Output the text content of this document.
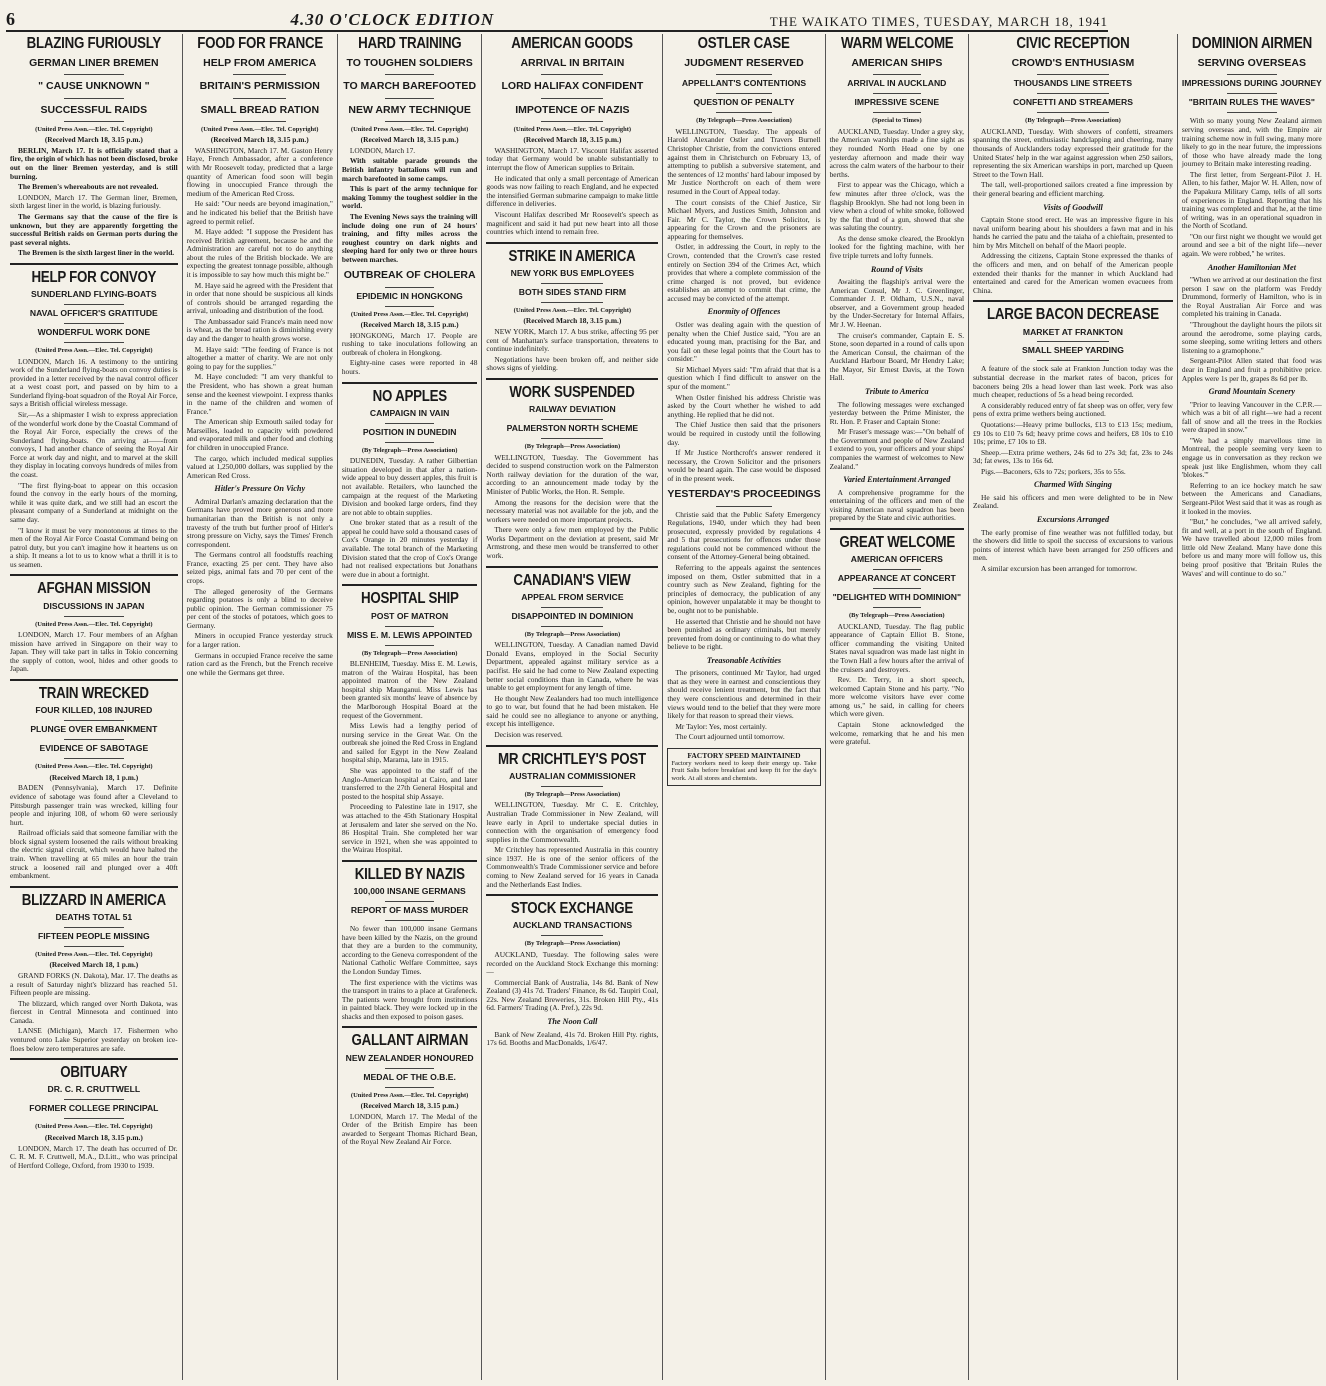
6	4.30 O'CLOCK EDITION	THE WAIKATO TIMES, TUESDAY, MARCH 18, 1941
BLAZING FURIOUSLY
GERMAN LINER BREMEN
" CAUSE UNKNOWN "
SUCCESSFUL RAIDS
(United Press Assn.—Elec. Tel. Copyright)
(Received March 18, 3.15 p.m.)
BERLIN, March 17. It is officially stated that a fire, the origin of which has not been disclosed, broke out on the liner Bremen yesterday, and is still burning.
The Bremen's whereabouts are not revealed.
LONDON, March 17. The German liner, Bremen, sixth largest liner in the world, is blazing furiously.
The Germans say that the cause of the fire is unknown, but they are apparently forgetting the successful British raids on German ports during the past several nights.
The Bremen is the sixth largest liner in the world.
HELP FOR CONVOY
SUNDERLAND FLYING-BOATS
NAVAL OFFICER'S GRATITUDE
WONDERFUL WORK DONE
(United Press Assn.—Elec. Tel. Copyright)
LONDON, March 16. A testimony to the untiring work of the Sunderland flying-boats on convoy duties is provided in a letter received by the naval control officer at a west coast port, and passed on by him to a Sunderland flying-boat squadron of the Royal Air Force, says a British official wireless message.
Sir,—As a shipmaster I wish to express appreciation of the wonderful work done by the Coastal Command of the Royal Air Force, especially the crews of the Sunderland flying-boats. On arriving at——from convoys, I had another chance of seeing the Royal Air Force at work day and night, and to marvel at the skill they display in locating convoys hundreds of miles from the coast.
"The first flying-boat to appear on this occasion found the convoy in the early hours of the morning, while it was quite dark, and we still had an escort the pleasant company of a Sunderland at midnight on the same day.
"I know it must be very monotonous at times to the men of the Royal Air Force Coastal Command being on patrol duty, but you can't imagine how it heartens us on a ship. It means a lot to us to know what a thrill it is to us seamen.
AFGHAN MISSION
DISCUSSIONS IN JAPAN
(United Press Assn.—Elec. Tel. Copyright)
LONDON, March 17. Four members of an Afghan mission have arrived in Singapore on their way to Japan. They will take part in talks in Tokio concerning the supply of cotton, wool, hides and other goods to Japan.
TRAIN WRECKED
FOUR KILLED, 108 INJURED
PLUNGE OVER EMBANKMENT
EVIDENCE OF SABOTAGE
(United Press Assn.—Elec. Tel. Copyright)
(Received March 18, 1 p.m.)
BADEN (Pennsylvania), March 17. Definite evidence of sabotage was found after a Cleveland to Pittsburgh passenger train was wrecked, killing four people and injuring 108, of whom 60 were seriously hurt.
Railroad officials said that someone familiar with the block signal system loosened the rails without breaking the electric signal circuit, which would have halted the train. When travelling at 65 miles an hour the train struck a loosened rail and plunged over a 40ft embankment.
BLIZZARD IN AMERICA
DEATHS TOTAL 51
FIFTEEN PEOPLE MISSING
(United Press Assn.—Elec. Tel. Copyright)
(Received March 18, 1 p.m.)
GRAND FORKS (N. Dakota), Mar. 17. The deaths as a result of Saturday night's blizzard has reached 51. Fifteen people are missing.
The blizzard, which ranged over North Dakota, was fiercest in Central Minnesota and continued into Canada.
LANSE (Michigan), March 17. Fishermen who ventured onto Lake Superior yesterday on broken ice-floes below zero temperatures are safe.
OBITUARY
DR. C. R. CRUTTWELL
FORMER COLLEGE PRINCIPAL
(United Press Assn.—Elec. Tel. Copyright)
(Received March 18, 3.15 p.m.)
LONDON, March 17. The death has occurred of Dr. C. R. M. F. Cruttwell, M.A., D.Litt., who was principal of Hertford College, Oxford, from 1930 to 1939.
FOOD FOR FRANCE
HELP FROM AMERICA
BRITAIN'S PERMISSION
SMALL BREAD RATION
(United Press Assn.—Elec. Tel. Copyright)
(Received March 18, 3.15 p.m.)
WASHINGTON, March 17. M. Gaston Henry Haye, French Ambassador, after a conference with Mr Roosevelt today, predicted that a large quantity of American food soon will begin flowing in unoccupied France through the medium of the American Red Cross.
He said: "Our needs are beyond imagination," and he indicated his belief that the British have agreed to permit relief.
M. Haye added: "I suppose the President has received British agreement, because he and the Administration are careful not to do anything about the rules of the British blockade. We are expecting the greatest tonnage possible, although it is impossible to say how much this might be."
M. Haye said he agreed with the President that in order that none should be suspicious all kinds of controls should be arranged regarding the arrival, unloading and distribution of the food.
The Ambassador said France's main need now is wheat, as the bread ration is diminishing every day and the danger to health grows worse.
M. Haye said: "The feeding of France is not altogether a matter of charity. We are not only going to pay for the supplies."
M. Haye concluded: "I am very thankful to the President, who has shown a great human sense and the keenest viewpoint. I express thanks in the name of the children and women of France."
The American ship Exmouth sailed today for Marseilles, loaded to capacity with powdered and evaporated milk and other food and clothing for children in unoccupied France.
The cargo, which included medical supplies valued at 1,250,000 dollars, was supplied by the American Red Cross.
Hitler's Pressure On Vichy
Admiral Darlan's amazing declaration that the Germans have proved more generous and more humanitarian than the British is not only a travesty of the truth but further proof of Hitler's strong pressure on Vichy, says the Times' French correspondent.
The Germans control all foodstuffs reaching France, exacting 25 per cent. They have also seized pigs, animal fats and 70 per cent of the crops.
The alleged generosity of the Germans regarding potatoes is only a blind to deceive public opinion. The German commissioner 75 per cent of the stocks of potatoes, which goes to Germany.
Miners in occupied France yesterday struck for a larger ration.
Germans in occupied France receive the same ration card as the French, but the French receive one while the Germans get three.
HARD TRAINING
TO TOUGHEN SOLDIERS
TO MARCH BAREFOOTED
NEW ARMY TECHNIQUE
(United Press Assn.—Elec. Tel. Copyright)
(Received March 18, 3.15 p.m.)
LONDON, March 17.
With suitable parade grounds the British infantry battalions will run and march barefooted in some camps.
This is part of the army technique for making Tommy the toughest soldier in the world.
The Evening News says the training will include doing one run of 24 hours' training, and fifty miles across the roughest country on dark nights and sleeping hard for only two or three hours between marches.
OUTBREAK OF CHOLERA
EPIDEMIC IN HONGKONG
(United Press Assn.—Elec. Tel. Copyright)
(Received March 18, 3.15 p.m.)
HONGKONG, March 17. People are rushing to take inoculations following an outbreak of cholera in Hongkong.
Eighty-nine cases were reported in 48 hours.
NO APPLES
CAMPAIGN IN VAIN
POSITION IN DUNEDIN
(By Telegraph—Press Association)
DUNEDIN, Tuesday. A rather Gilbertian situation developed in that after a nation-wide appeal to buy dessert apples, this fruit is not available. Retailers, who launched the campaign at the request of the Marketing Division and booked large orders, find they are not able to obtain supplies.
One broker stated that as a result of the appeal he could have sold a thousand cases of Cox's Orange in 20 minutes yesterday if available. The total branch of the Marketing Division stated that the crop of Cox's Orange had not realised expectations but Jonathans were due in about a fortnight.
HOSPITAL SHIP
POST OF MATRON
MISS E. M. LEWIS APPOINTED
(By Telegraph—Press Association)
BLENHEIM, Tuesday. Miss E. M. Lewis, matron of the Wairau Hospital, has been appointed matron of the New Zealand hospital ship Maunganui. Miss Lewis has been granted six months' leave of absence by the Marlborough Hospital Board at the request of the Government.
Miss Lewis had a lengthy period of nursing service in the Great War. On the outbreak she joined the Red Cross in England and sailed for Egypt in the New Zealand hospital ship, Marama, late in 1915.
She was appointed to the staff of the Anglo-American hospital at Cairo, and later transferred to the 27th General Hospital and posted to the hospital ship Assaye.
Proceeding to Palestine late in 1917, she was attached to the 45th Stationary Hospital at Jerusalem and later she served on the No. 86 Hospital Train. She completed her war service in 1921, when she was appointed to the Wairau Hospital.
KILLED BY NAZIS
100,000 INSANE GERMANS
REPORT OF MASS MURDER
No fewer than 100,000 insane Germans have been killed by the Nazis, on the ground that they are a burden to the community, according to the Geneva correspondent of the National Catholic Welfare Committee, says the London Sunday Times.
The first experience with the victims was the transport in trains to a place at Grafeneck. The patients were brought from institutions in painted black. They were locked up in the shacks and then exposed to poison gases.
GALLANT AIRMAN
NEW ZEALANDER HONOURED
MEDAL OF THE O.B.E.
(United Press Assn.—Elec. Tel. Copyright)
(Received March 18, 3.15 p.m.)
LONDON, March 17. The Medal of the Order of the British Empire has been awarded to Sergeant Thomas Richard Bean, of the Royal New Zealand Air Force.
AMERICAN GOODS
ARRIVAL IN BRITAIN
LORD HALIFAX CONFIDENT
IMPOTENCE OF NAZIS
(United Press Assn.—Elec. Tel. Copyright)
(Received March 18, 3.15 p.m.)
WASHINGTON, March 17. Viscount Halifax asserted today that Germany would be unable substantially to interrupt the flow of American supplies to Britain.
He indicated that only a small percentage of American goods was now failing to reach England, and he expected the intensified German submarine campaign to make little difference in deliveries.
Viscount Halifax described Mr Roosevelt's speech as magnificent and said it had put new heart into all those countries which intend to remain free.
STRIKE IN AMERICA
NEW YORK BUS EMPLOYEES
BOTH SIDES STAND FIRM
(United Press Assn.—Elec. Tel. Copyright)
(Received March 18, 3.15 p.m.)
NEW YORK, March 17. A bus strike, affecting 95 per cent of Manhattan's surface transportation, threatens to continue indefinitely.
Negotiations have been broken off, and neither side shows signs of yielding.
WORK SUSPENDED
RAILWAY DEVIATION
PALMERSTON NORTH SCHEME
(By Telegraph—Press Association)
WELLINGTON, Tuesday. The Government has decided to suspend construction work on the Palmerston North railway deviation for the duration of the war, according to an announcement made today by the Minister of Public Works, the Hon. R. Semple.
Among the reasons for the decision were that the necessary material was not available for the job, and the workers were needed on more important projects.
There were only a few men employed by the Public Works Department on the deviation at present, said Mr Armstrong, and these men would be transferred to other work.
CANADIAN'S VIEW
APPEAL FROM SERVICE
DISAPPOINTED IN DOMINION
(By Telegraph—Press Association)
WELLINGTON, Tuesday. A Canadian named David Donald Evans, employed in the Social Security Department, appealed against military service as a pacifist. He said he had come to New Zealand expecting better social conditions than in Canada, where he was unable to get employment for any length of time.
He thought New Zealanders had too much intelligence to go to war, but found that he had been mistaken. He said he could see no allegiance to anyone or anything, except his intelligence.
Decision was reserved.
MR CRICHTLEY'S POST
AUSTRALIAN COMMISSIONER
(By Telegraph—Press Association)
WELLINGTON, Tuesday. Mr C. E. Critchley, Australian Trade Commissioner in New Zealand, will leave early in April to undertake special duties in connection with the organisation of emergency food supplies in the Commonwealth.
Mr Critchley has represented Australia in this country since 1937. He is one of the senior officers of the Commonwealth's Trade Commissioner service and before coming to New Zealand served for 16 years in Canada and the Netherlands East Indies.
STOCK EXCHANGE
AUCKLAND TRANSACTIONS
(By Telegraph—Press Association)
AUCKLAND, Tuesday. The following sales were recorded on the Auckland Stock Exchange this morning:—
Commercial Bank of Australia, 14s 8d. Bank of New Zealand (3) 41s 7d. Traders' Finance, 8s 6d. Taupiri Coal, 22s. New Zealand Breweries, 31s. Broken Hill Pty., 41s 6d. Farmers' Trading (A. Pref.), 22s 9d.
The Noon Call
Bank of New Zealand, 41s 7d. Broken Hill Pty. rights, 17s 6d. Booths and MacDonalds, 1/6/47.
OSTLER CASE
JUDGMENT RESERVED
APPELLANT'S CONTENTIONS
QUESTION OF PENALTY
(By Telegraph—Press Association)
WELLINGTON, Tuesday. The appeals of Harold Alexander Ostler and Travers Burnell Christopher Christie, from the convictions entered against them in Christchurch on February 13, of attempting to publish a subversive statement, and the sentences of 12 months' hard labour imposed by Mr Justice Northcroft on each of them were resumed in the Court of Appeal today.
The court consists of the Chief Justice, Sir Michael Myers, and Justices Smith, Johnston and Fair. Mr C. Taylor, the Crown Solicitor, is appearing for the Crown and the prisoners are appearing for themselves.
Ostler, in addressing the Court, in reply to the Crown, contended that the Crown's case rested entirely on Section 394 of the Crimes Act, which provides that where a complete commission of the crime charged is not proved, but evidence establishes an attempt to commit that crime, the accused may be convicted of the attempt.
Enormity of Offences
Ostler was dealing again with the question of penalty when the Chief Justice said, "You are an educated young man, practising for the Bar, and you fail on these legal points that the Court has to consider."
Sir Michael Myers said: "I'm afraid that that is a question which I find difficult to answer on the spur of the moment."
When Ostler finished his address Christie was asked by the Court whether he wished to add anything. He replied that he did not.
The Chief Justice then said that the prisoners would be required in custody until the following day.
If Mr Justice Northcroft's answer rendered it necessary, the Crown Solicitor and the prisoners would be heard again. The case would be disposed of in the present week.
YESTERDAY'S PROCEEDINGS
Christie said that the Public Safety Emergency Regulations, 1940, under which they had been prosecuted, expressly provided by regulations 4 and 5 that prosecutions for offences under those regulations could not be commenced without the consent of the Attorney-General being obtained.
Referring to the appeals against the sentences imposed on them, Ostler submitted that in a country such as New Zealand, fighting for the principles of democracy, the publication of any opinion, however unpalatable it may be thought to be, ought not to be punishable.
He asserted that Christie and he should not have been punished as ordinary criminals, but merely prevented from doing or continuing to do what they believe to be right.
Treasonable Activities
The prisoners, continued Mr Taylor, had urged that as they were in earnest and conscientious they should receive lenient treatment, but the fact that they were conscientious and determined in their views would tend to the belief that they were more likely for that reason to spread their views.
Mr Taylor: Yes, most certainly.
The Court adjourned until tomorrow.
FACTORY SPEED MAINTAINED
Factory workers need to keep their energy up. Take Fruit Salts before breakfast and keep fit for the day's work. At all stores and chemists.
WARM WELCOME
AMERICAN SHIPS
ARRIVAL IN AUCKLAND
IMPRESSIVE SCENE
(Special to Times)
AUCKLAND, Tuesday. Under a grey sky, the American warships made a fine sight as they rounded North Head one by one yesterday afternoon and made their way across the calm waters of the harbour to their berths.
First to appear was the Chicago, which a few minutes after three o'clock, was the flagship Brooklyn. She had not long been in view when a cloud of white smoke, followed by the flat thud of a gun, showed that she was saluting the country.
As the dense smoke cleared, the Brooklyn looked for the fighting machine, with her five triple turrets and lofty funnels.
Round of Visits
Awaiting the flagship's arrival were the American Consul, Mr J. C. Greenlinger, Commander J. P. Oldham, U.S.N., naval observer, and a Government group headed by the Under-Secretary for Internal Affairs, Mr J. W. Heenan.
The cruiser's commander, Captain E. S. Stone, soon departed in a round of calls upon the American Consul, the chairman of the Auckland Harbour Board, Mr Hendry Lake; the Mayor, Sir Ernest Davis, at the Town Hall.
Tribute to America
The following messages were exchanged yesterday between the Prime Minister, the Rt. Hon. P. Fraser and Captain Stone:
Mr Fraser's message was:—"On behalf of the Government and people of New Zealand I extend to you, your officers and your ships' companies the warmest of welcomes to New Zealand."
Varied Entertainment Arranged
A comprehensive programme for the entertaining of the officers and men of the visiting American naval squadron has been prepared by the State and civic authorities.
GREAT WELCOME
AMERICAN OFFICERS
APPEARANCE AT CONCERT
"DELIGHTED WITH DOMINION"
(By Telegraph—Press Association)
AUCKLAND, Tuesday. The flag public appearance of Captain Elliot B. Stone, officer commanding the visiting United States naval squadron was made last night in the Town Hall a few hours after the arrival of the cruisers and destroyers.
Rev. Dr. Terry, in a short speech, welcomed Captain Stone and his party. "No more welcome visitors have ever come among us," he said, in calling for cheers which were given.
Captain Stone acknowledged the welcome, remarking that he and his men were grateful.
CIVIC RECEPTION
CROWD'S ENTHUSIASM
THOUSANDS LINE STREETS
CONFETTI AND STREAMERS
(By Telegraph—Press Association)
AUCKLAND, Tuesday. With showers of confetti, streamers spanning the street, enthusiastic handclapping and cheering, many thousands of Aucklanders today expressed their gratitude for the United States' help in the war against aggression when 250 sailors, representing the six American warships in port, marched up Queen Street to the Town Hall.
The tall, well-proportioned sailors created a fine impression by their general bearing and efficient marching.
Visits of Goodwill
Captain Stone stood erect. He was an impressive figure in his naval uniform bearing about his shoulders a fawn mat and in his hands he carried the patu and the taiaha of a chieftain, presented to him by Mrs Mitchell on behalf of the Maori people.
Addressing the citizens, Captain Stone expressed the thanks of the officers and men, and on behalf of the American people extended their thanks for the manner in which Auckland had entertained and cared for the American women evacuees from China.
LARGE BACON DECREASE
MARKET AT FRANKTON
SMALL SHEEP YARDING
A feature of the stock sale at Frankton Junction today was the substantial decrease in the market rates of bacon, prices for baconers being 20s a head lower than last week. Pork was also much cheaper, reductions of 5s a head being recorded.
A considerably reduced entry of fat sheep was on offer, very few pens of extra prime wethers being auctioned.
Quotations:—Heavy prime bullocks, £13 to £13 15s; medium, £9 10s to £10 7s 6d; heavy prime cows and heifers, £8 10s to £10 10s; prime, £7 10s to £8.
Sheep.—Extra prime wethers, 24s 6d to 27s 3d; fat, 23s to 24s 3d; fat ewes, 13s to 16s 6d.
Pigs.—Baconers, 63s to 72s; porkers, 35s to 55s.
Charmed With Singing
He said his officers and men were delighted to be in New Zealand.
Excursions Arranged
The early promise of fine weather was not fulfilled today, but the showers did little to spoil the success of excursions to various points of interest which have been arranged for 250 officers and men.
A similar excursion has been arranged for tomorrow.
DOMINION AIRMEN
SERVING OVERSEAS
IMPRESSIONS DURING JOURNEY
"BRITAIN RULES THE WAVES"
With so many young New Zealand airmen serving overseas and, with the Empire air training scheme now in full swing, many more likely to go in the near future, the impressions of those who have already made the long journey to Britain make interesting reading.
The first letter, from Sergeant-Pilot J. H. Allen, to his father, Major W. H. Allen, now of the Papakura Military Camp, tells of all sorts of experiences in England. Reporting that his training was completed and that he, at the time of writing, was in an operational squadron in the North of Scotland.
"On our first night we thought we would get around and see a bit of the night life—never again. We were robbed," he writes.
Another Hamiltonian Met
"When we arrived at our destination the first person I saw on the platform was Freddy Drummond, formerly of Hamilton, who is in the Royal Australian Air Force and was completed his training in Canada.
"Throughout the daylight hours the pilots sit around the aerodrome, some playing cards, some sleeping, some writing letters and others listening to a gramophone."
Sergeant-Pilot Allen stated that food was dear in England and fruit a prohibitive price. Apples were 1s per lb, grapes 8s 6d per lb.
Grand Mountain Scenery
"Prior to leaving Vancouver in the C.P.R.—which was a bit of all right—we had a recent fall of snow and all the trees in the Rockies were draped in snow."
"We had a simply marvellous time in Montreal, the people seeming very keen to engage us in conversation as they reckon we speak just like Englishmen, whom they call 'blokes.'"
Referring to an ice hockey match he saw between the Americans and Canadians, Sergeant-Pilot West said that it was as rough as it looked in the movies.
"But," he concludes, "we all arrived safely, fit and well, at a port in the south of England. We have travelled about 12,000 miles from little old New Zealand. Many have done this before us and many more will follow us, this being proof positive that 'Britain Rules the Waves' and will continue to do so."
